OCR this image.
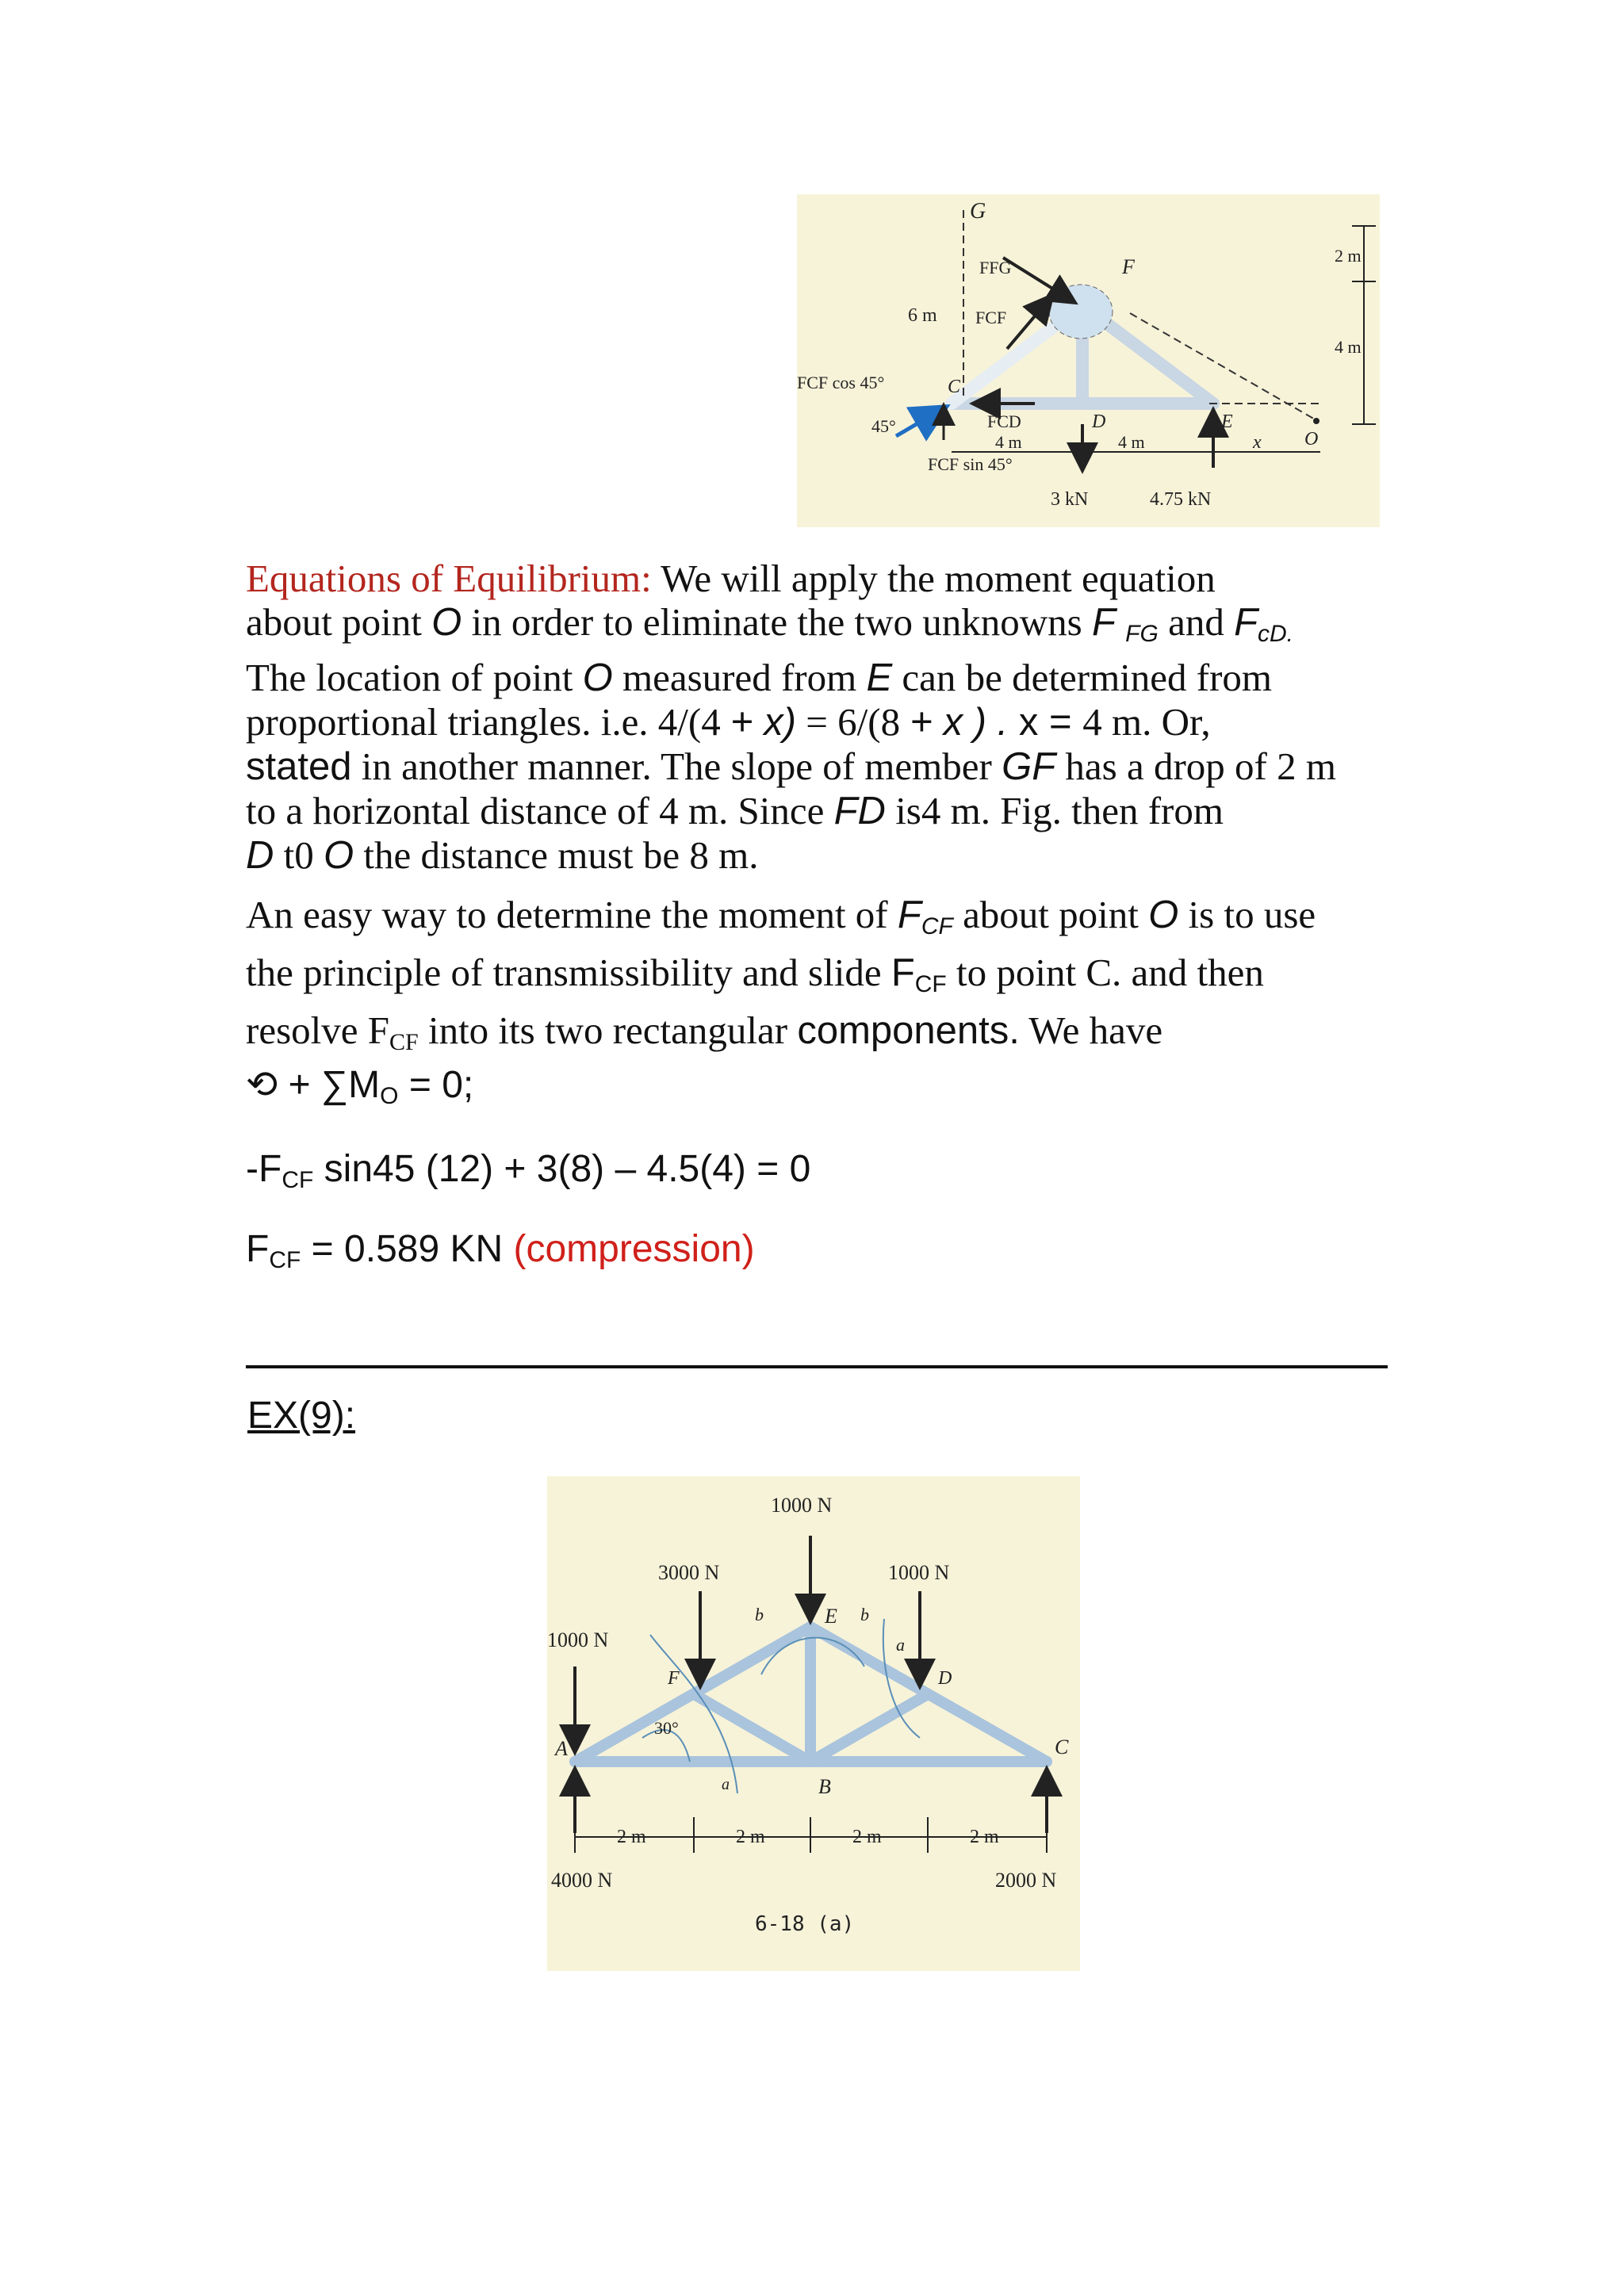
G
FFG	F
6 m FCF
FCF cos 45°
45°	FCD	D	E
O
C
4 m	4 m
FCF sin 45°
3 kN	4.75 kN
2 m
4 m
x
Equations of Equilibrium: We will apply the moment equation
about point O in order to eliminate the two unknowns F $_{FG}$ and $F_{cD.}$
The location of point O measured from E can be determined from
proportional triangles. i.e. 4/(4 + x) = 6/(8 + x ) . x = 4 m. Or,
stated in another manner. The slope of member GF has a drop of 2 m
to a horizontal distance of 4 m. Since FD is4 m. Fig. then from
D t0 O the distance must be 8 m.
An easy way to determine the moment of $F_{CF}$ about point O is to use
the principle of transmissibility and slide $F_{CF}$ to point C. and then
resolve $F_{CF}$ into its two rectangular components. We have
⟲ + $\sum M_O = 0$;
$-F_{CF}$ sin45 (12) + 3(8) – 4.5(4) = 0
$F_{CF} = 0.589$ KN (compression)
EX(9):
1000 N
3000 N	1000 N
1000 N
b	E b
a
F	D
A	C
30°
a	B
2 m	2 m	2 m	2 m
4000 N	2000 N
6-18 (a)
